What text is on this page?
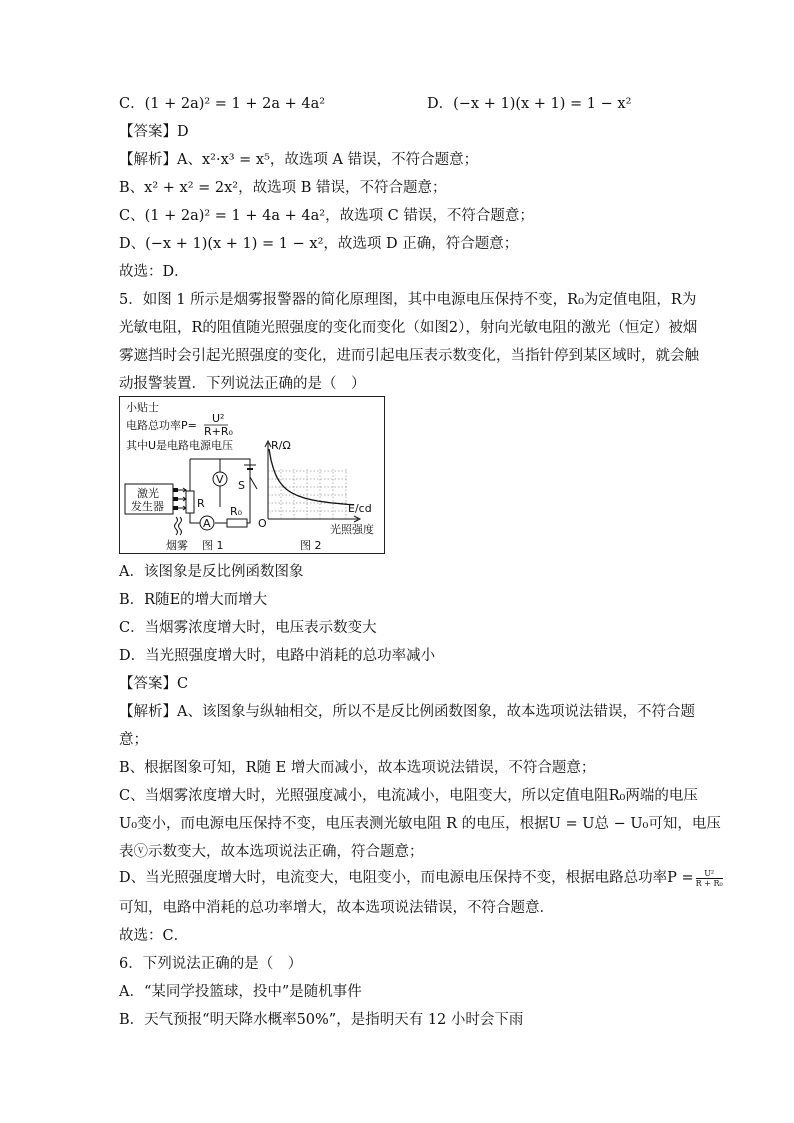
C．(1 + 2a)² = 1 + 2a + 4a²	D．(−x + 1)(x + 1) = 1 − x²
【答案】D
【解析】A、x²·x³ = x⁵，故选项 A 错误，不符合题意；
B、x² + x² = 2x²，故选项 B 错误，不符合题意；
C、(1 + 2a)² = 1 + 4a + 4a²，故选项 C 错误，不符合题意；
D、(−x + 1)(x + 1) = 1 − x²，故选项 D 正确，符合题意；
故选：D．
5．如图 1 所示是烟雾报警器的简化原理图，其中电源电压保持不变，R₀为定值电阻，R为
光敏电阻，R的阻值随光照强度的变化而变化（如图2），射向光敏电阻的激光（恒定）被烟
雾遮挡时会引起光照强度的变化，进而引起电压表示数变化，当指针停到某区域时，就会触
动报警装置．下列说法正确的是（　）
小贴士
电路总功率P=
U²
R+R₀
其中U是电路电源电压
激光
发生器
烟雾
R
A
R₀
V S
图 1
R/Ω
E/cd
光照强度
O
图 2
A．该图象是反比例函数图象
B．R随E的增大而增大
C．当烟雾浓度增大时，电压表示数变大
D．当光照强度增大时，电路中消耗的总功率减小
【答案】C
【解析】A、该图象与纵轴相交，所以不是反比例函数图象，故本选项说法错误，不符合题
意；
B、根据图象可知，R随 E 增大而减小，故本选项说法错误，不符合题意；
C、当烟雾浓度增大时，光照强度减小，电流减小，电阻变大，所以定值电阻R₀两端的电压
U₀变小，而电源电压保持不变，电压表测光敏电阻 R 的电压，根据U = U总 − U₀可知，电压
表ⓥ示数变大，故本选项说法正确，符合题意；
D、当光照强度增大时，电流变大，电阻变小，而电源电压保持不变，根据电路总功率$P = \frac{\text{U²}}{\text{R + R₀}}$
可知，电路中消耗的总功率增大，故本选项说法错误，不符合题意．
故选：C．
6．下列说法正确的是（　）
A．“某同学投篮球，投中”是随机事件
B．天气预报“明天降水概率50%”，是指明天有 12 小时会下雨
